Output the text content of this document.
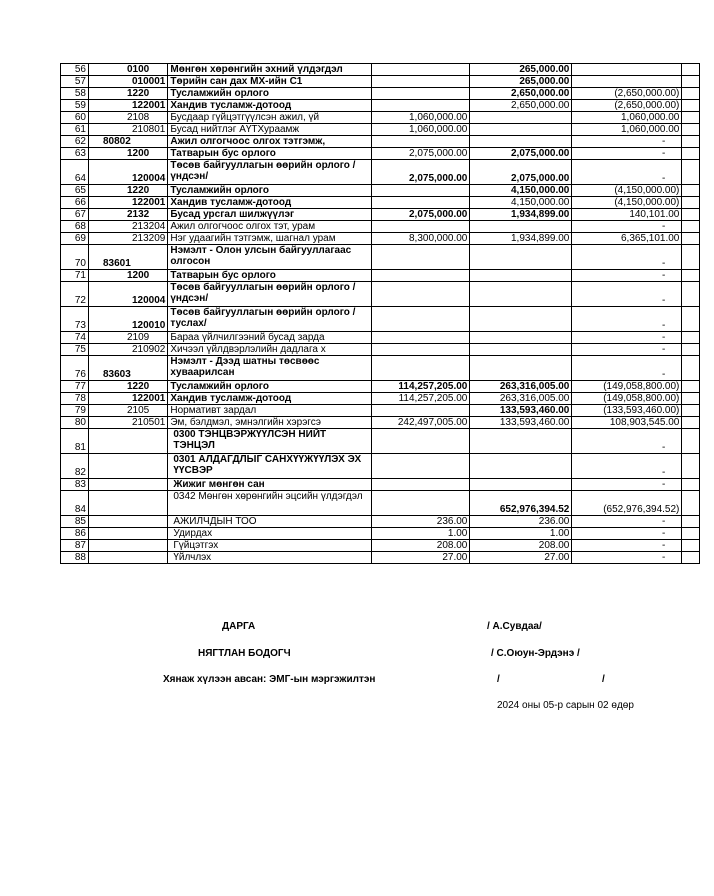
56	0100	Мөнгөн хөрөнгийн эхний үлдэгдэл		265,000.00		
57	010001	Төрийн сан дах МХ-ийн С1		265,000.00		
58	1220	Тусламжийн орлого		2,650,000.00	(2,650,000.00)	
59	122001	Хандив тусламж-дотоод		2,650,000.00	(2,650,000.00)	
60	2108	Бусдаар гүйцэтгүүлсэн ажил, үй	1,060,000.00		1,060,000.00	
61	210801	Бусад нийтлэг АҮТХураамж	1,060,000.00		1,060,000.00	
62	80802	Ажил олгогчоос олгох тэтгэмж,			-	
63	1200	Татварын бус орлого	2,075,000.00	2,075,000.00	-	
64	120004	Төсөв байгууллагын өөрийн орлого /үндсэн/	2,075,000.00	2,075,000.00	-	
65	1220	Тусламжийн орлого		4,150,000.00	(4,150,000.00)	
66	122001	Хандив тусламж-дотоод		4,150,000.00	(4,150,000.00)	
67	2132	Бусад урсгал шилжүүлэг	2,075,000.00	1,934,899.00	140,101.00	
68	213204	Ажил олгогчоос олгох тэт, урам			-	
69	213209	Нэг удаагийн тэтгэмж, шагнал урам	8,300,000.00	1,934,899.00	6,365,101.00	
70	83601	Нэмэлт - Олон улсын байгууллагаас олгосон			-	
71	1200	Татварын бус орлого			-	
72	120004	Төсөв байгууллагын өөрийн орлого /үндсэн/			-	
73	120010	Төсөв байгууллагын өөрийн орлого /туслах/			-	
74	2109	Бараа үйлчилгээний бусад зарда			-	
75	210902	Хичээл үйлдвэрлэлийн дадлага х			-	
76	83603	Нэмэлт - Дээд шатны төсвөөс хуваарилсан			-	
77	1220	Тусламжийн орлого	114,257,205.00	263,316,005.00	(149,058,800.00)	
78	122001	Хандив тусламж-дотоод	114,257,205.00	263,316,005.00	(149,058,800.00)	
79	2105	Нормативт зардал		133,593,460.00	(133,593,460.00)	
80	210501	Эм, бэлдмэл, эмнэлгийн хэрэгсэ	242,497,005.00	133,593,460.00	108,903,545.00	
81		0300 ТЭНЦВЭРЖҮҮЛСЭН НИЙТ ТЭНЦЭЛ			-	
82		0301 АЛДАГДЛЫГ САНХҮҮЖҮҮЛЭХ ЭХ ҮҮСВЭР			-	
83		Жижиг мөнгөн сан			-	
84		0342 Мөнгөн хөрөнгийн эцсийн үлдэгдэл		652,976,394.52	(652,976,394.52)	
85		АЖИЛЧДЫН ТОО	236.00	236.00	-	
86		Удирдах	1.00	1.00	-	
87		Гүйцэтгэх	208.00	208.00	-	
88		Үйлчлэх	27.00	27.00	-	
ДАРГА	/ А.Сувдаа/
НЯГТЛАН БОДОГЧ	/ С.Оюун-Эрдэнэ /
Хянаж хүлээн авсан: ЭМГ-ын мэргэжилтэн	/	/
2024 оны 05-р сарын 02 өдөр
